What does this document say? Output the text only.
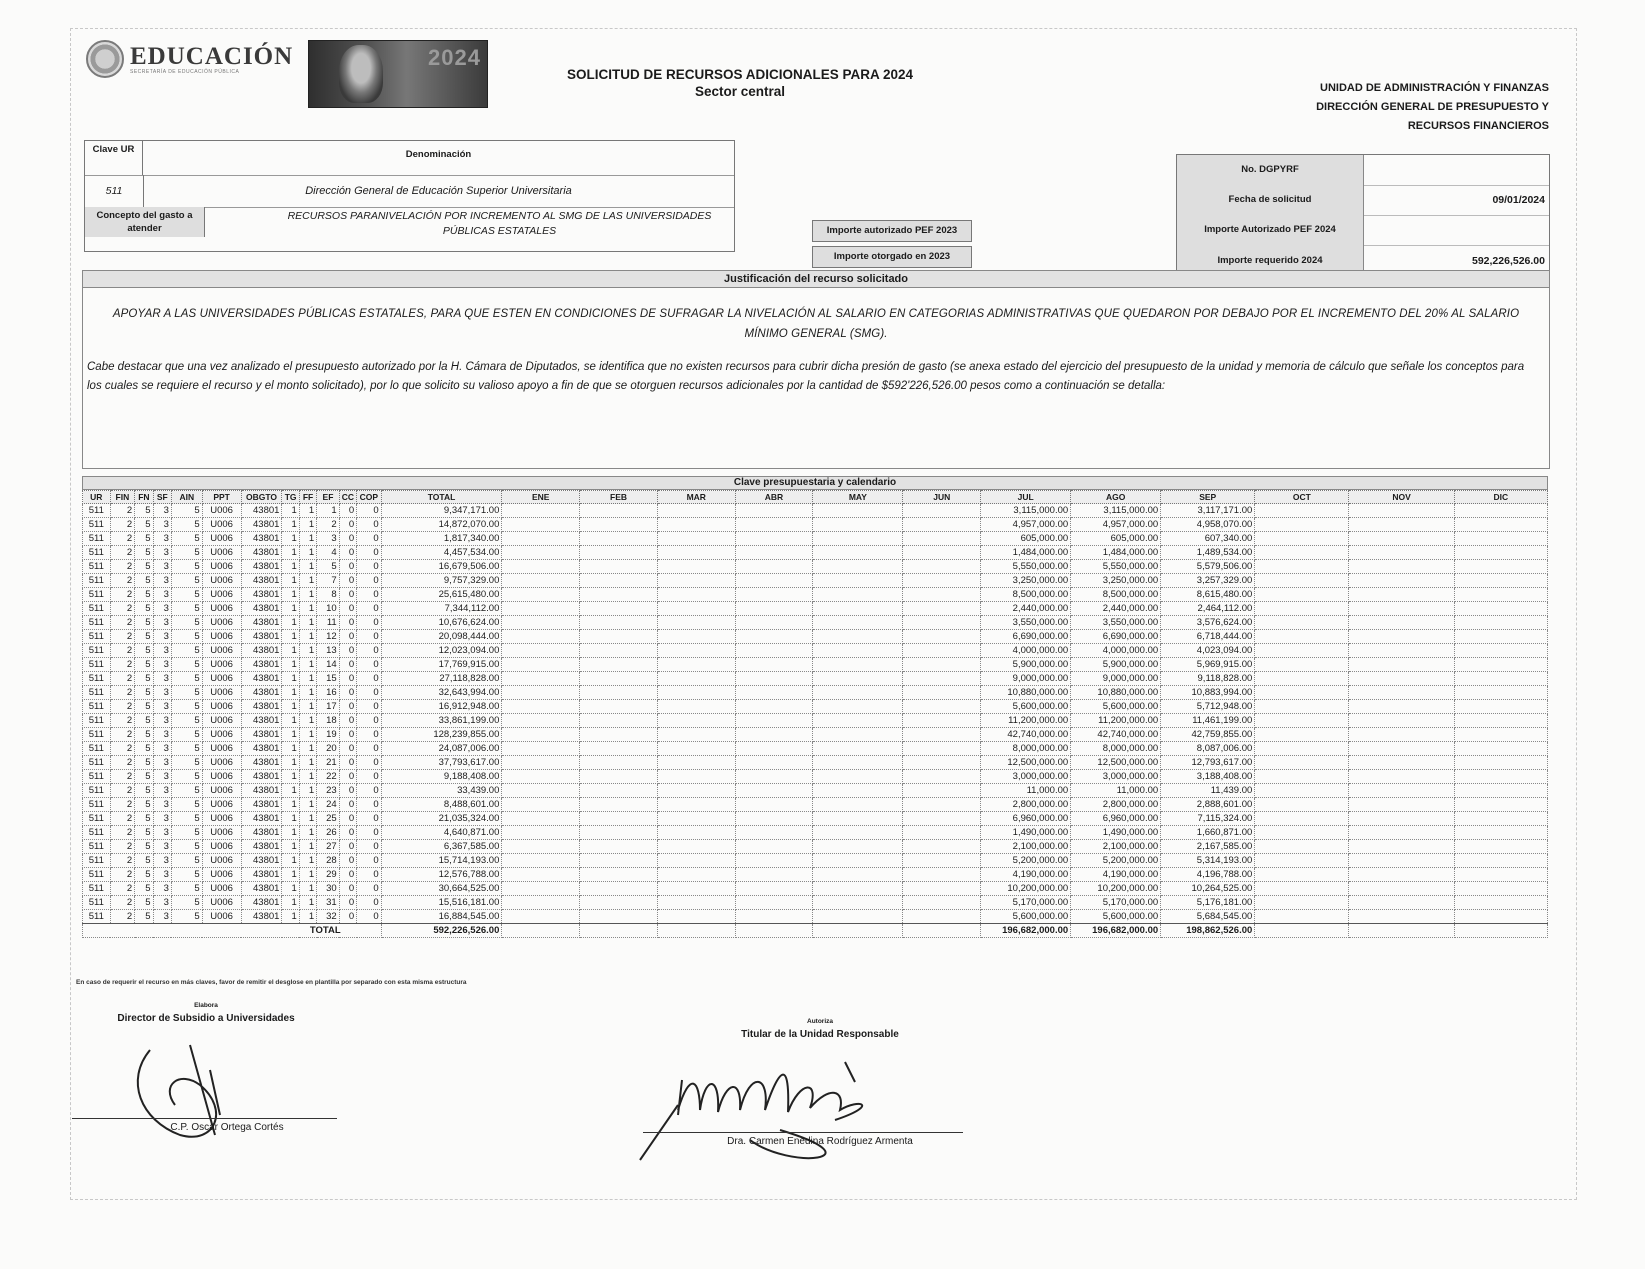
EDUCACIÓN
SECRETARÍA DE EDUCACIÓN PÚBLICA
2024
SOLICITUD DE RECURSOS ADICIONALES PARA 2024
Sector central	UNIDAD DE ADMINISTRACIÓN Y FINANZAS
DIRECCIÓN GENERAL DE PRESUPUESTO Y
RECURSOS FINANCIEROS
Clave UR	Denominación
511	Dirección General de Educación Superior Universitaria
Concepto del gasto a atender
RECURSOS PARANIVELACIÓN POR INCREMENTO AL SMG DE LAS UNIVERSIDADES PÚBLICAS ESTATALES	Importe autorizado PEF 2023
Importe otorgado en 2023
No. DGPYRF
Fecha de solicitud	09/01/2024
Importe Autorizado PEF 2024
Importe requerido 2024	592,226,526.00
Justificación del recurso solicitado
APOYAR A LAS UNIVERSIDADES PÚBLICAS ESTATALES, PARA QUE ESTEN EN CONDICIONES DE SUFRAGAR LA NIVELACIÓN AL SALARIO EN CATEGORIAS ADMINISTRATIVAS QUE QUEDARON POR DEBAJO POR EL INCREMENTO DEL 20% AL SALARIO MÍNIMO GENERAL (SMG).
Cabe destacar que una vez analizado el presupuesto autorizado por la H. Cámara de Diputados, se identifica que no existen recursos para cubrir dicha presión de gasto (se anexa estado del ejercicio del presupuesto de la unidad y memoria de cálculo que señale los conceptos para los cuales se requiere el recurso y el monto solicitado), por lo que solicito su valioso apoyo a fin de que se otorguen recursos adicionales por la cantidad de $592'226,526.00 pesos como a continuación se detalla:
Clave presupuestaria y calendario
UR	FIN	FN	SF	AIN	PPT	OBGTO	TG	FF	EF	CC	COP	TOTAL	ENE	FEB	MAR	ABR	MAY	JUN	JUL	AGO	SEP	OCT	NOV	DIC
511	2	5	3	5	U006	43801	1	1	1	0	0	9,347,171.00							3,115,000.00	3,115,000.00	3,117,171.00			
511	2	5	3	5	U006	43801	1	1	2	0	0	14,872,070.00							4,957,000.00	4,957,000.00	4,958,070.00			
511	2	5	3	5	U006	43801	1	1	3	0	0	1,817,340.00							605,000.00	605,000.00	607,340.00			
511	2	5	3	5	U006	43801	1	1	4	0	0	4,457,534.00							1,484,000.00	1,484,000.00	1,489,534.00			
511	2	5	3	5	U006	43801	1	1	5	0	0	16,679,506.00							5,550,000.00	5,550,000.00	5,579,506.00			
511	2	5	3	5	U006	43801	1	1	7	0	0	9,757,329.00							3,250,000.00	3,250,000.00	3,257,329.00			
511	2	5	3	5	U006	43801	1	1	8	0	0	25,615,480.00							8,500,000.00	8,500,000.00	8,615,480.00			
511	2	5	3	5	U006	43801	1	1	10	0	0	7,344,112.00							2,440,000.00	2,440,000.00	2,464,112.00			
511	2	5	3	5	U006	43801	1	1	11	0	0	10,676,624.00							3,550,000.00	3,550,000.00	3,576,624.00			
511	2	5	3	5	U006	43801	1	1	12	0	0	20,098,444.00							6,690,000.00	6,690,000.00	6,718,444.00			
511	2	5	3	5	U006	43801	1	1	13	0	0	12,023,094.00							4,000,000.00	4,000,000.00	4,023,094.00			
511	2	5	3	5	U006	43801	1	1	14	0	0	17,769,915.00							5,900,000.00	5,900,000.00	5,969,915.00			
511	2	5	3	5	U006	43801	1	1	15	0	0	27,118,828.00							9,000,000.00	9,000,000.00	9,118,828.00			
511	2	5	3	5	U006	43801	1	1	16	0	0	32,643,994.00							10,880,000.00	10,880,000.00	10,883,994.00			
511	2	5	3	5	U006	43801	1	1	17	0	0	16,912,948.00							5,600,000.00	5,600,000.00	5,712,948.00			
511	2	5	3	5	U006	43801	1	1	18	0	0	33,861,199.00							11,200,000.00	11,200,000.00	11,461,199.00			
511	2	5	3	5	U006	43801	1	1	19	0	0	128,239,855.00							42,740,000.00	42,740,000.00	42,759,855.00			
511	2	5	3	5	U006	43801	1	1	20	0	0	24,087,006.00							8,000,000.00	8,000,000.00	8,087,006.00			
511	2	5	3	5	U006	43801	1	1	21	0	0	37,793,617.00							12,500,000.00	12,500,000.00	12,793,617.00			
511	2	5	3	5	U006	43801	1	1	22	0	0	9,188,408.00							3,000,000.00	3,000,000.00	3,188,408.00			
511	2	5	3	5	U006	43801	1	1	23	0	0	33,439.00							11,000.00	11,000.00	11,439.00			
511	2	5	3	5	U006	43801	1	1	24	0	0	8,488,601.00							2,800,000.00	2,800,000.00	2,888,601.00			
511	2	5	3	5	U006	43801	1	1	25	0	0	21,035,324.00							6,960,000.00	6,960,000.00	7,115,324.00			
511	2	5	3	5	U006	43801	1	1	26	0	0	4,640,871.00							1,490,000.00	1,490,000.00	1,660,871.00			
511	2	5	3	5	U006	43801	1	1	27	0	0	6,367,585.00							2,100,000.00	2,100,000.00	2,167,585.00			
511	2	5	3	5	U006	43801	1	1	28	0	0	15,714,193.00							5,200,000.00	5,200,000.00	5,314,193.00			
511	2	5	3	5	U006	43801	1	1	29	0	0	12,576,788.00							4,190,000.00	4,190,000.00	4,196,788.00			
511	2	5	3	5	U006	43801	1	1	30	0	0	30,664,525.00							10,200,000.00	10,200,000.00	10,264,525.00			
511	2	5	3	5	U006	43801	1	1	31	0	0	15,516,181.00							5,170,000.00	5,170,000.00	5,176,181.00			
511	2	5	3	5	U006	43801	1	1	32	0	0	16,884,545.00							5,600,000.00	5,600,000.00	5,684,545.00			
TOTAL												592,226,526.00							196,682,000.00	196,682,000.00	198,862,526.00			
En caso de requerir el recurso en más claves, favor de remitir el desglose en plantilla por separado con esta misma estructura
Elabora
Director de Subsidio a Universidades
C.P. Oscar Ortega Cortés
Autoriza
Titular de la Unidad Responsable
Dra. Carmen Enedina Rodríguez Armenta
